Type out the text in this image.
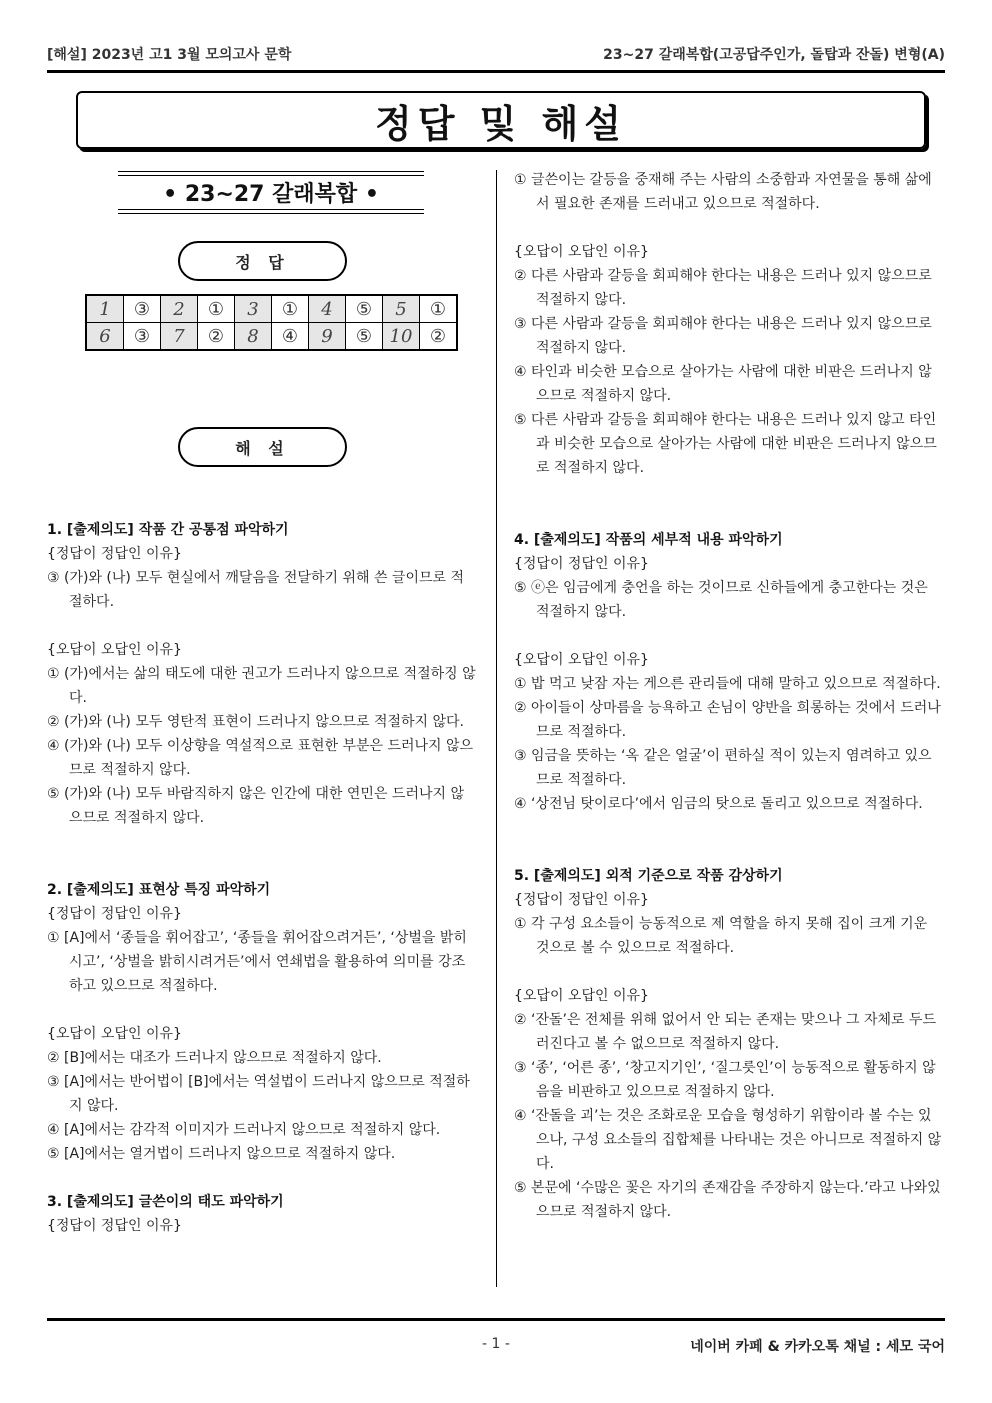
[해설] 2023년 고1 3월 모의고사 문학	23~27 갈래복합(고공답주인가, 돌탑과 잔돌) 변형(A)
정답 및 해설
• 23~27 갈래복합 •
정 답
1	③	2	①	3	①	4	⑤	5	①
6	③	7	②	8	④	9	⑤	10	②
해 설

1. [출제의도] 작품 간 공통점 파악하기

{정답이 정답인 이유}

③ (가)와 (나) 모두 현실에서 깨달음을 전달하기 위해 쓴 글이므로 적절하다.

{오답이 오답인 이유}

① (가)에서는 삶의 태도에 대한 권고가 드러나지 않으므로 적절하징 않다.

② (가)와 (나) 모두 영탄적 표현이 드러나지 않으므로 적절하지 않다.

④ (가)와 (나) 모두 이상향을 역설적으로 표현한 부분은 드러나지 않으므로 적절하지 않다.

⑤ (가)와 (나) 모두 바람직하지 않은 인간에 대한 연민은 드러나지 않으므로 적절하지 않다.

2. [출제의도] 표현상 특징 파악하기

{정답이 정답인 이유}

① [A]에서 ‘종들을 휘어잡고’, ‘종들을 휘어잡으려거든’, ‘상벌을 밝히시고’, ‘상벌을 밝히시려거든’에서 연쇄법을 활용하여 의미를 강조하고 있으므로 적절하다.

{오답이 오답인 이유}

② [B]에서는 대조가 드러나지 않으므로 적절하지 않다.

③ [A]에서는 반어법이 [B]에서는 역설법이 드러나지 않으므로 적절하지 않다.

④ [A]에서는 감각적 이미지가 드러나지 않으므로 적절하지 않다.

⑤ [A]에서는 열거법이 드러나지 않으므로 적절하지 않다.

3. [출제의도] 글쓴이의 태도 파악하기

{정답이 정답인 이유}

① 글쓴이는 갈등을 중재해 주는 사람의 소중함과 자연물을 통해 삶에서 필요한 존재를 드러내고 있으므로 적절하다.

{오답이 오답인 이유}

② 다른 사람과 갈등을 회피해야 한다는 내용은 드러나 있지 않으므로 적절하지 않다.

③ 다른 사람과 갈등을 회피해야 한다는 내용은 드러나 있지 않으므로 적절하지 않다.

④ 타인과 비슷한 모습으로 살아가는 사람에 대한 비판은 드러나지 않으므로 적절하지 않다.

⑤ 다른 사람과 갈등을 회피해야 한다는 내용은 드러나 있지 않고 타인과 비슷한 모습으로 살아가는 사람에 대한 비판은 드러나지 않으므로 적절하지 않다.

4. [출제의도] 작품의 세부적 내용 파악하기

{정답이 정답인 이유}

⑤ ⓔ은 임금에게 충언을 하는 것이므로 신하들에게 충고한다는 것은 적절하지 않다.

{오답이 오답인 이유}

① 밥 먹고 낮잠 자는 게으른 관리들에 대해 말하고 있으므로 적절하다.

② 아이들이 상마름을 능욕하고 손님이 양반을 희롱하는 것에서 드러나므로 적절하다.

③ 임금을 뜻하는 ‘옥 같은 얼굴’이 편하실 적이 있는지 염려하고 있으므로 적절하다.

④ ‘상전님 탓이로다’에서 임금의 탓으로 돌리고 있으므로 적절하다.

5. [출제의도] 외적 기준으로 작품 감상하기

{정답이 정답인 이유}

① 각 구성 요소들이 능동적으로 제 역할을 하지 못해 집이 크게 기운 것으로 볼 수 있으므로 적절하다.

{오답이 오답인 이유}

② ‘잔돌’은 전체를 위해 없어서 안 되는 존재는 맞으나 그 자체로 두드러진다고 볼 수 없으므로 적절하지 않다.

③ ‘종’, ‘어른 종’, ‘창고지기인’, ‘질그릇인’이 능동적으로 활동하지 않음을 비판하고 있으므로 적절하지 않다.

④ ‘잔돌을 괴’는 것은 조화로운 모습을 형성하기 위함이라 볼 수는 있으나, 구성 요소들의 집합체를 나타내는 것은 아니므로 적절하지 않다.

⑤ 본문에 ‘수많은 꽃은 자기의 존재감을 주장하지 않는다.’라고 나와있으므로 적절하지 않다.

- 1 -	네이버 카페 & 카카오톡 채널 : 세모 국어
